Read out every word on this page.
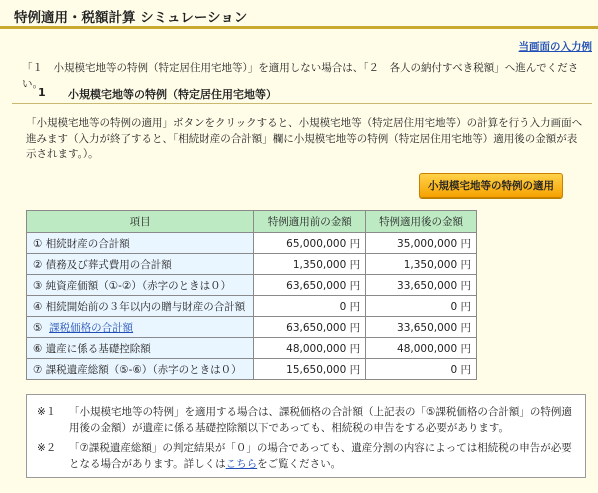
特例適用・税額計算 シミュレーション
当画面の入力例
「１　小規模宅地等の特例（特定居住用宅地等）」を適用しない場合は、「２　各人の納付すべき税額」へ進んでください。
1 小規模宅地等の特例（特定居住用宅地等）
「小規模宅地等の特例の適用」ボタンをクリックすると、小規模宅地等（特定居住用宅地等）の計算を行う入力画面へ進みます（入力が終了すると、「相続財産の合計額」欄に小規模宅地等の特例（特定居住用宅地等）適用後の金額が表示されます。）。
小規模宅地等の特例の適用
項目	特例適用前の金額	特例適用後の金額
① 相続財産の合計額	65,000,000 円	35,000,000 円
② 債務及び葬式費用の合計額	1,350,000 円	1,350,000 円
③ 純資産価額（①-②）（赤字のときは０）	63,650,000 円	33,650,000 円
④ 相続開始前の３年以内の贈与財産の合計額	0 円	0 円
⑤  課税価格の合計額	63,650,000 円	33,650,000 円
⑥ 遺産に係る基礎控除額	48,000,000 円	48,000,000 円
⑦ 課税遺産総額（⑤-⑥）（赤字のときは０）	15,650,000 円	0 円
※１ 「小規模宅地等の特例」を適用する場合は、課税価格の合計額（上記表の「⑤課税価格の合計額」の特例適用後の金額）が遺産に係る基礎控除額以下であっても、相続税の申告をする必要があります。
※２ 「⑦課税遺産総額」の判定結果が「０」の場合であっても、遺産分割の内容によっては相続税の申告が必要となる場合があります。詳しくはこちらをご覧ください。
